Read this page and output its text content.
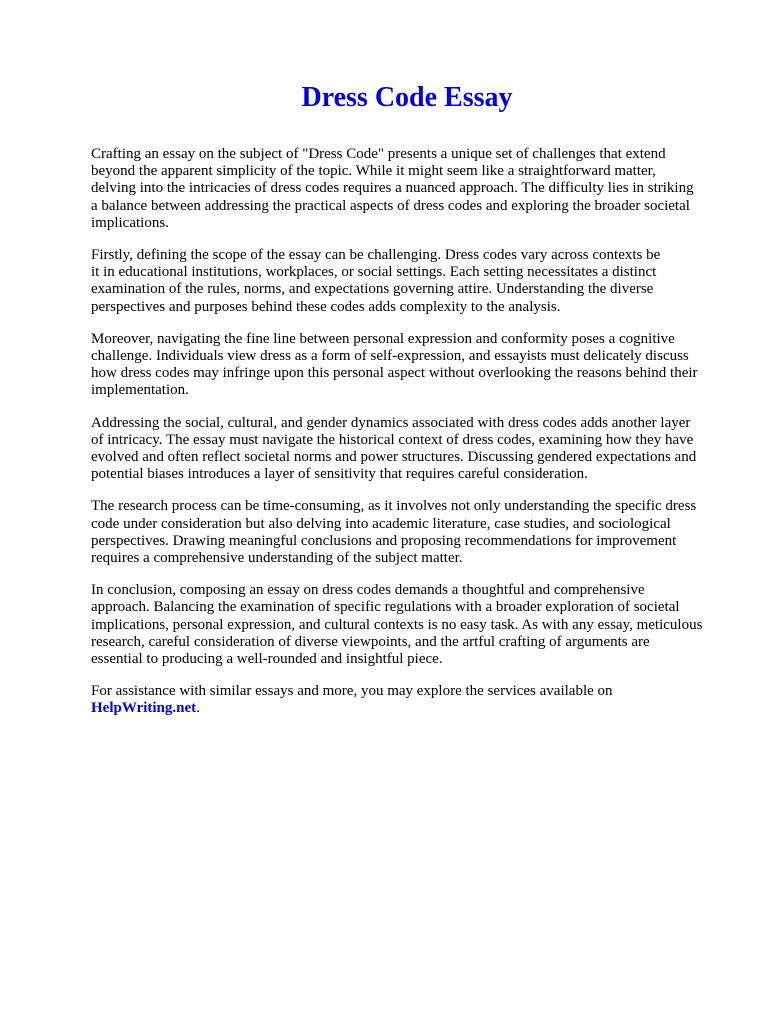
Dress Code Essay

Crafting an essay on the subject of "Dress Code" presents a unique set of challenges that extend
beyond the apparent simplicity of the topic. While it might seem like a straightforward matter,
delving into the intricacies of dress codes requires a nuanced approach. The difficulty lies in striking
a balance between addressing the practical aspects of dress codes and exploring the broader societal
implications.

Firstly, defining the scope of the essay can be challenging. Dress codes vary across contexts be
it in educational institutions, workplaces, or social settings. Each setting necessitates a distinct
examination of the rules, norms, and expectations governing attire. Understanding the diverse
perspectives and purposes behind these codes adds complexity to the analysis.

Moreover, navigating the fine line between personal expression and conformity poses a cognitive
challenge. Individuals view dress as a form of self-expression, and essayists must delicately discuss
how dress codes may infringe upon this personal aspect without overlooking the reasons behind their
implementation.

Addressing the social, cultural, and gender dynamics associated with dress codes adds another layer
of intricacy. The essay must navigate the historical context of dress codes, examining how they have
evolved and often reflect societal norms and power structures. Discussing gendered expectations and
potential biases introduces a layer of sensitivity that requires careful consideration.

The research process can be time-consuming, as it involves not only understanding the specific dress
code under consideration but also delving into academic literature, case studies, and sociological
perspectives. Drawing meaningful conclusions and proposing recommendations for improvement
requires a comprehensive understanding of the subject matter.

In conclusion, composing an essay on dress codes demands a thoughtful and comprehensive
approach. Balancing the examination of specific regulations with a broader exploration of societal
implications, personal expression, and cultural contexts is no easy task. As with any essay, meticulous
research, careful consideration of diverse viewpoints, and the artful crafting of arguments are
essential to producing a well-rounded and insightful piece.

For assistance with similar essays and more, you may explore the services available on
HelpWriting.net.
